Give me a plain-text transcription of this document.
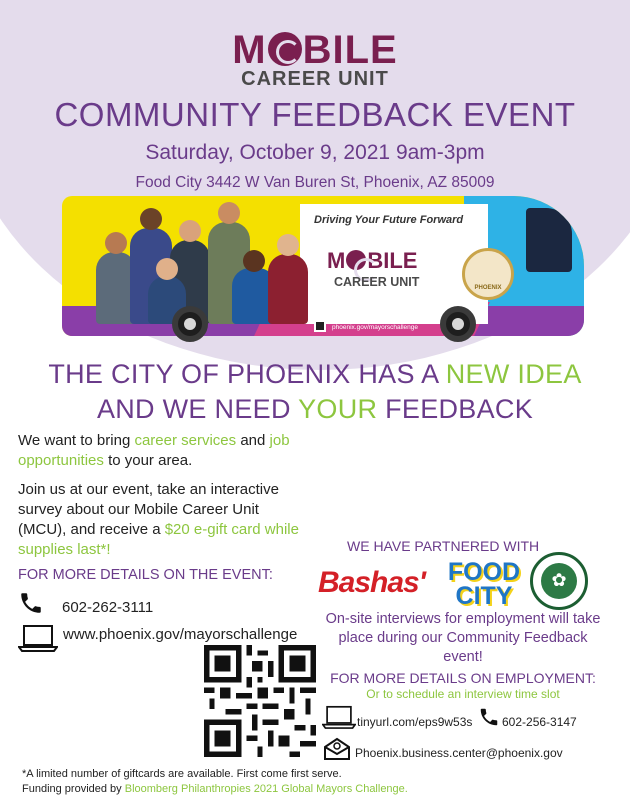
M BILE
CAREER UNIT
COMMUNITY FEEDBACK EVENT
Saturday, October 9, 2021 9am-3pm
Food City 3442 W Van Buren St, Phoenix, AZ 85009
Driving Your Future Forward
M BILE
CAREER UNIT	PHOENIX
phoenix.gov/mayorschallenge
THE CITY OF PHOENIX HAS A NEW IDEA
AND WE NEED YOUR FEEDBACK
We want to bring career services and job opportunities to your area.
Join us at our event, take an interactive survey about our Mobile Career Unit (MCU), and receive a $20 e-gift card while supplies last*!
FOR MORE DETAILS ON THE EVENT:
602-262-3111
www.phoenix.gov/mayorschallenge
WE HAVE PARTNERED WITH
Bashas' FOOD
CITY
✿
On-site interviews for employment will take place during our Community Feedback event!
FOR MORE DETAILS ON EMPLOYMENT:
Or to schedule an interview time slot
tinyurl.com/eps9w53s 602-256-3147
Phoenix.business.center@phoenix.gov
*A limited number of giftcards are available. First come first serve.
Funding provided by Bloomberg Philanthropies 2021 Global Mayors Challenge.
